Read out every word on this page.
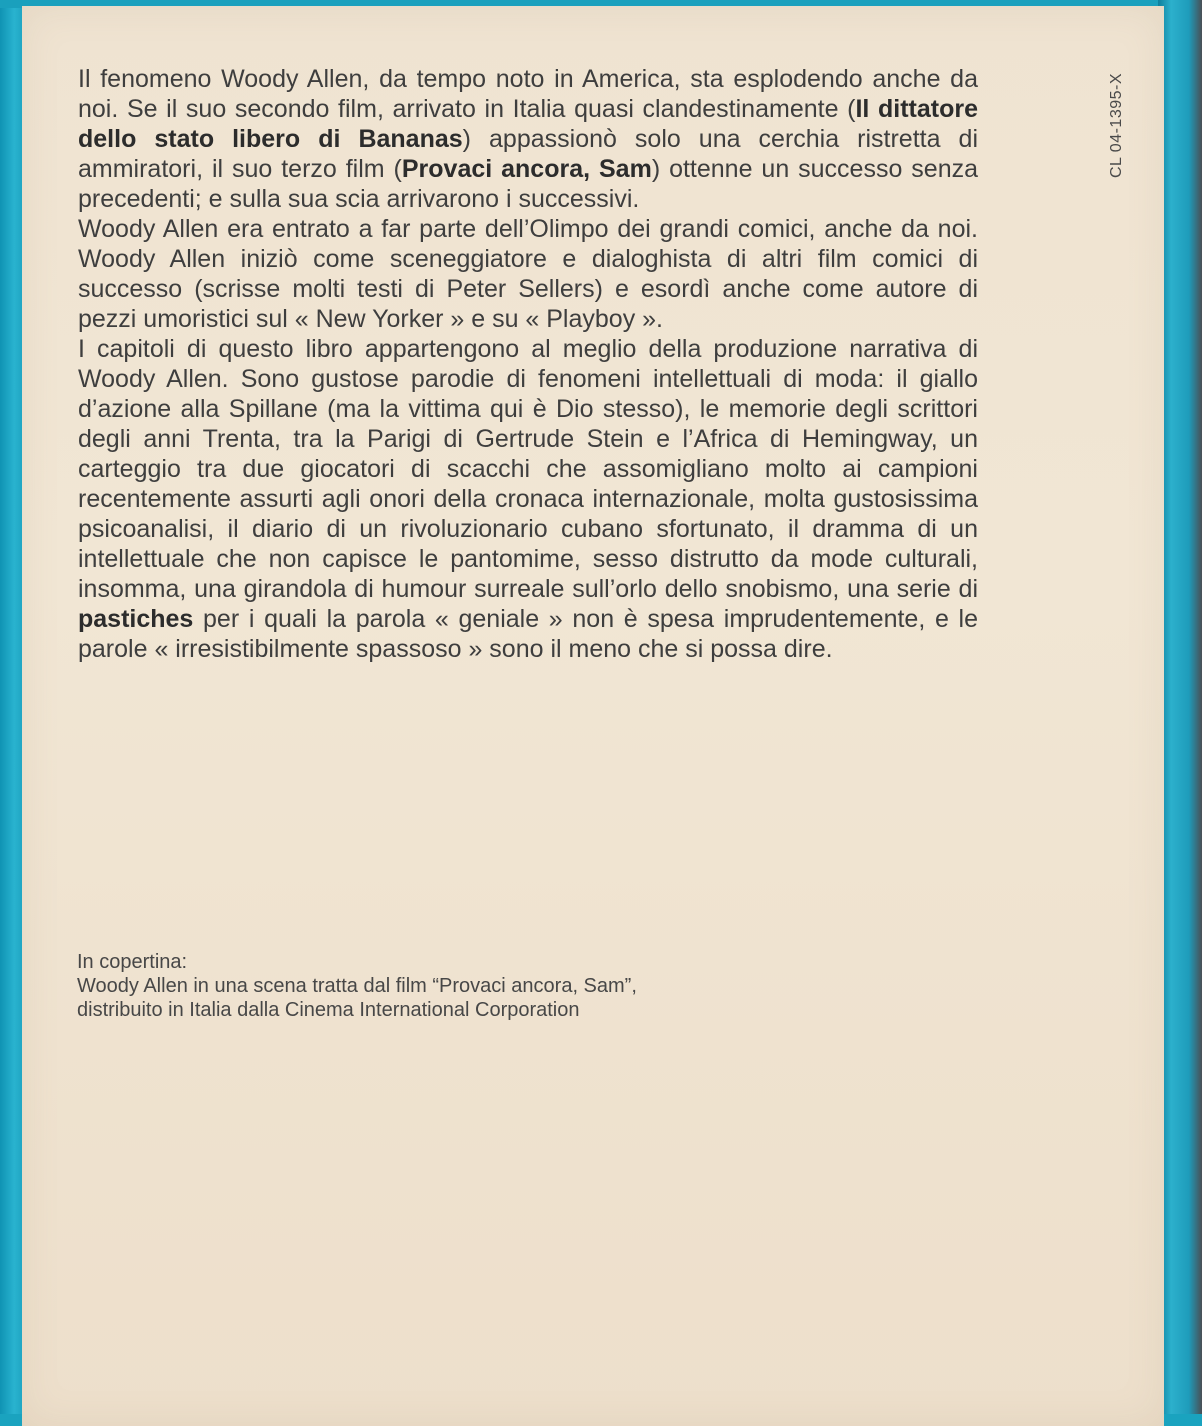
CL 04-1395-X

Il fenomeno Woody Allen, da tempo noto in America, sta esplodendo anche da noi. Se il suo secondo film, arrivato in Italia quasi clandestinamente (Il dittatore dello stato libero di Bananas) appassionò solo una cerchia ristretta di ammiratori, il suo terzo film (Provaci ancora, Sam) ottenne un successo senza precedenti; e sulla sua scia arrivarono i successivi.

Woody Allen era entrato a far parte dell’Olimpo dei grandi comici, anche da noi. Woody Allen iniziò come sceneggiatore e dialoghista di altri film comici di successo (scrisse molti testi di Peter Sellers) e esordì anche come autore di pezzi umoristici sul « New Yorker » e su « Playboy ».

I capitoli di questo libro appartengono al meglio della produzione narrativa di Woody Allen. Sono gustose parodie di fenomeni intellettuali di moda: il giallo d’azione alla Spillane (ma la vittima qui è Dio stesso), le memorie degli scrittori degli anni Trenta, tra la Parigi di Gertrude Stein e l’Africa di Hemingway, un carteggio tra due giocatori di scacchi che assomigliano molto ai campioni recentemente assurti agli onori della cronaca internazionale, molta gustosissima psicoanalisi, il diario di un rivoluzionario cubano sfortunato, il dramma di un intellettuale che non capisce le pantomime, sesso distrutto da mode culturali, insomma, una girandola di humour surreale sull’orlo dello snobismo, una serie di pastiches per i quali la parola « geniale » non è spesa imprudentemente, e le parole « irresistibilmente spassoso » sono il meno che si possa dire.

In copertina:
Woody Allen in una scena tratta dal film “Provaci ancora, Sam”,
distribuito in Italia dalla Cinema International Corporation
